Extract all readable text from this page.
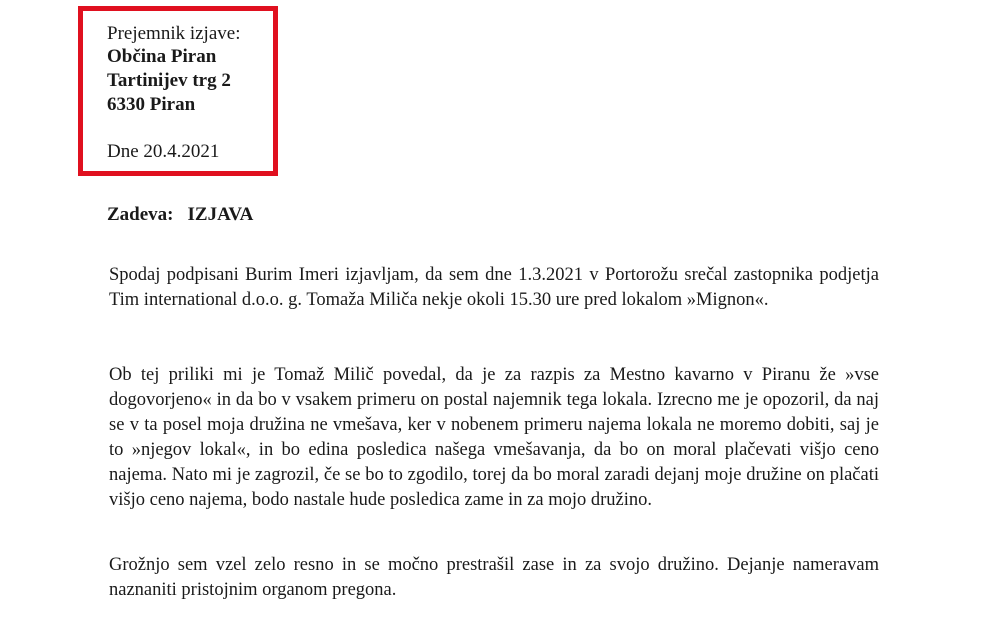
Prejemnik izjave:
Občina Piran
Tartinijev trg 2
6330 Piran
Dne 20.4.2021
Zadeva: IZJAVA

Spodaj podpisani Burim Imeri izjavljam, da sem dne 1.3.2021 v Portorožu srečal zastopnika podjetja Tim international d.o.o. g. Tomaža Miliča nekje okoli 15.30 ure pred lokalom »Mignon«.

Ob tej priliki mi je Tomaž Milič povedal, da je za razpis za Mestno kavarno v Piranu že »vse dogovorjeno« in da bo v vsakem primeru on postal najemnik tega lokala. Izrecno me je opozoril, da naj se v ta posel moja družina ne vmešava, ker v nobenem primeru najema lokala ne moremo dobiti, saj je to »njegov lokal«, in bo edina posledica našega vmešavanja, da bo on moral plačevati višjo ceno najema. Nato mi je zagrozil, če se bo to zgodilo, torej da bo moral zaradi dejanj moje družine on plačati višjo ceno najema, bodo nastale hude posledica zame in za mojo družino.

Grožnjo sem vzel zelo resno in se močno prestrašil zase in za svojo družino. Dejanje nameravam naznaniti pristojnim organom pregona.
